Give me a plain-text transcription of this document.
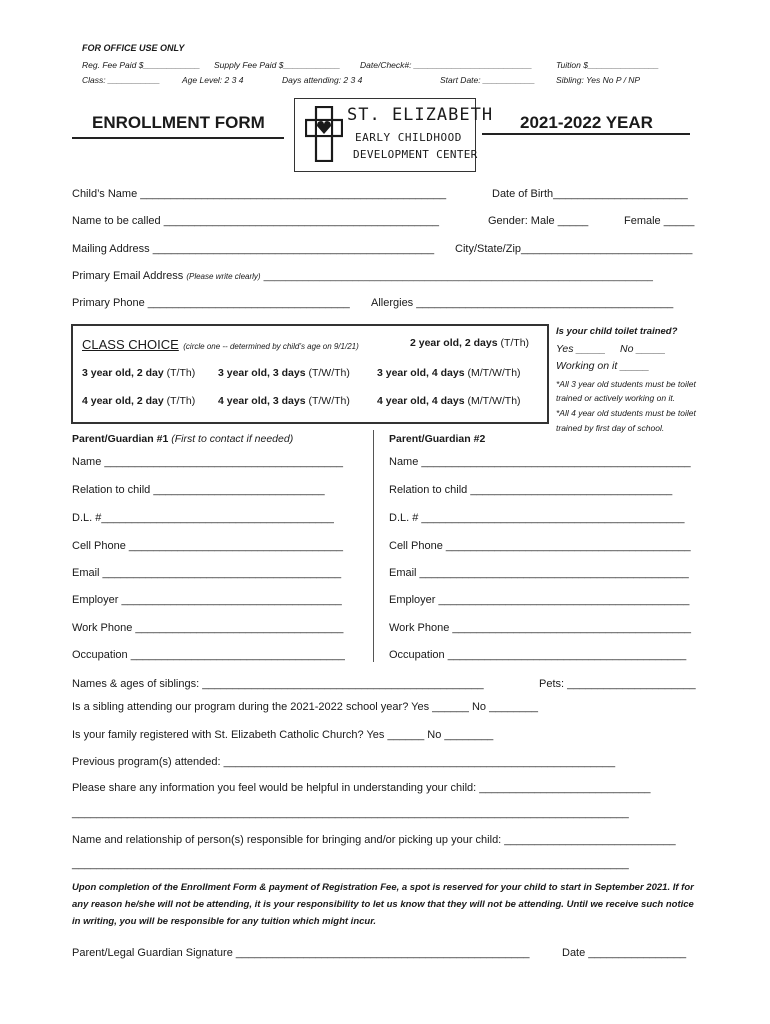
FOR OFFICE USE ONLY
Reg. Fee Paid $____________ Supply Fee Paid $____________ Date/Check#: _________________________	Tuition $_______________
Class: ___________	Age Level: 2 3 4	Days attending: 2 3 4	Start Date: ___________ Sibling: Yes No P / NP
ENROLLMENT FORM	2021-2022 YEAR
ST. ELIZABETH
EARLY CHILDHOOD
DEVELOPMENT CENTER
Child’s Name __________________________________________________	Date of Birth______________________
Name to be called _____________________________________________	Gender: Male _____	Female _____
Mailing Address ______________________________________________ City/State/Zip____________________________
Primary Email Address (Please write clearly) ______________________________________________________________________
Primary Phone _________________________________ Allergies __________________________________________
CLASS CHOICE (circle one -- determined by child’s age on 9/1/21)	2 year old, 2 days (T/Th)
3 year old, 2 day (T/Th) 3 year old, 3 days (T/W/Th)	3 year old, 4 days (M/T/W/Th)
4 year old, 2 day (T/Th) 4 year old, 3 days (T/W/Th)	4 year old, 4 days (M/T/W/Th)
Is your child toilet trained?
Yes _____ No _____
Working on it _____
*All 3 year old students must be toilet
trained or actively working on it.
*All 4 year old students must be toilet
trained by first day of school.
Parent/Guardian #1 (First to contact if needed)	Parent/Guardian #2
Name _______________________________________
Relation to child ____________________________
D.L. #______________________________________
Cell Phone ___________________________________
Email _______________________________________
Employer ____________________________________
Work Phone __________________________________
Occupation ___________________________________
Name ____________________________________________
Relation to child _________________________________
D.L. # ___________________________________________
Cell Phone ________________________________________
Email ____________________________________________
Employer _________________________________________
Work Phone _______________________________________
Occupation _______________________________________
Names & ages of siblings: ______________________________________________	Pets: _____________________
Is a sibling attending our program during the 2021-2022 school year? Yes ______ No ________
Is your family registered with St. Elizabeth Catholic Church? Yes ______ No ________
Previous program(s) attended: ________________________________________________________________
Please share any information you feel would be helpful in understanding your child: ____________________________
___________________________________________________________________________________________
Name and relationship of person(s) responsible for bringing and/or picking up your child: ____________________________
___________________________________________________________________________________________
Upon completion of the Enrollment Form & payment of Registration Fee, a spot is reserved for your child to start in September 2021. If for any reason he/she will not be attending, it is your responsibility to let us know that they will not be attending. Until we receive such notice in writing, you will be responsible for any tuition which might incur.
Parent/Legal Guardian Signature ________________________________________________	Date ________________
